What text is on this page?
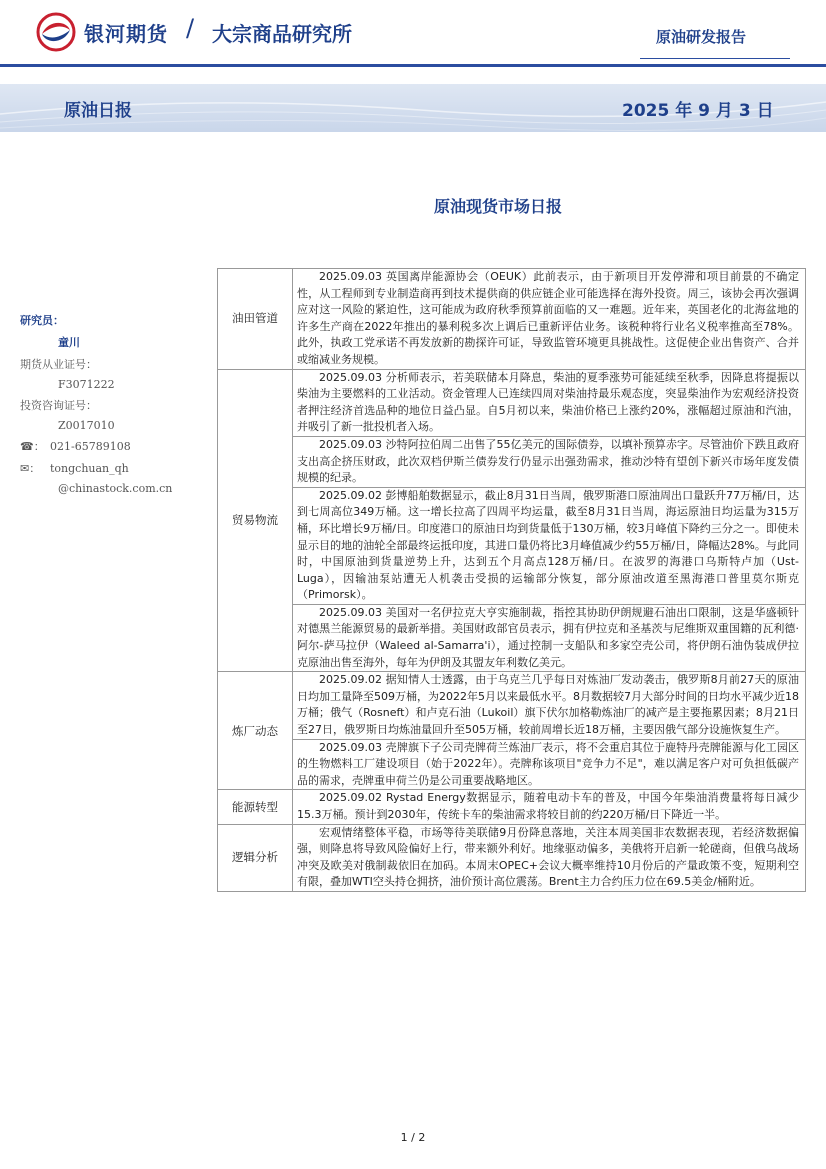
银河期货 / 大宗商品研究所	原油研发报告
原油日报	2025 年 9 月 3 日
原油现货市场日报
研究员：
童川
期货从业证号：
F3071222
投资咨询证号：
Z0017010
☎： 021-65789108
✉： tongchuan_qh
@chinastock.com.cn
油田管道	2025.09.03 英国离岸能源协会（OEUK）此前表示，由于新项目开发停滞和项目前景的不确定性，从工程师到专业制造商再到技术提供商的供应链企业可能选择在海外投资。周三，该协会再次强调应对这一风险的紧迫性，这可能成为政府秋季预算前面临的又一难题。近年来，英国老化的北海盆地的许多生产商在2022年推出的暴利税多次上调后已重新评估业务。该税种将行业名义税率推高至78%。此外，执政工党承诺不再发放新的勘探许可证，导致监管环境更具挑战性。这促使企业出售资产、合并或缩减业务规模。

贸易物流	2025.09.03 分析师表示，若美联储本月降息，柴油的夏季涨势可能延续至秋季，因降息将提振以柴油为主要燃料的工业活动。资金管理人已连续四周对柴油持最乐观态度，突显柴油作为宏观经济投资者押注经济首选品种的地位日益凸显。自5月初以来，柴油价格已上涨约20%，涨幅超过原油和汽油，并吸引了新一批投机者入场。

	2025.09.03 沙特阿拉伯周二出售了55亿美元的国际债券，以填补预算赤字。尽管油价下跌且政府支出高企挤压财政，此次双档伊斯兰债券发行仍显示出强劲需求，推动沙特有望创下新兴市场年度发债规模的纪录。

	2025.09.02 彭博船舶数据显示，截止8月31日当周，俄罗斯港口原油周出口量跃升77万桶/日，达到七周高位349万桶。这一增长拉高了四周平均运量，截至8月31日当周，海运原油日均运量为315万桶，环比增长9万桶/日。印度港口的原油日均到货量低于130万桶，较3月峰值下降约三分之一。即使未显示目的地的油轮全部最终运抵印度，其进口量仍将比3月峰值减少约55万桶/日，降幅达28%。与此同时，中国原油到货量逆势上升，达到五个月高点128万桶/日。在波罗的海港口乌斯特卢加（Ust-Luga），因输油泵站遭无人机袭击受损的运输部分恢复，部分原油改道至黑海港口普里莫尔斯克（Primorsk）。

	2025.09.03 美国对一名伊拉克大亨实施制裁，指控其协助伊朗规避石油出口限制，这是华盛顿针对德黑兰能源贸易的最新举措。美国财政部官员表示，拥有伊拉克和圣基茨与尼维斯双重国籍的瓦利德·阿尔-萨马拉伊（Waleed al-Samarra'i），通过控制一支船队和多家空壳公司，将伊朗石油伪装成伊拉克原油出售至海外，每年为伊朗及其盟友年利数亿美元。

炼厂动态	2025.09.02 据知情人士透露，由于乌克兰几乎每日对炼油厂发动袭击，俄罗斯8月前27天的原油日均加工量降至509万桶，为2022年5月以来最低水平。8月数据较7月大部分时间的日均水平减少近18万桶；俄气（Rosneft）和卢克石油（Lukoil）旗下伏尔加格勒炼油厂的减产是主要拖累因素；8月21日至27日，俄罗斯日均炼油量回升至505万桶，较前周增长近18万桶，主要因俄气部分设施恢复生产。

	2025.09.03 壳牌旗下子公司壳牌荷兰炼油厂表示，将不会重启其位于鹿特丹壳牌能源与化工园区的生物燃料工厂建设项目（始于2022年）。壳牌称该项目"竞争力不足"，难以满足客户对可负担低碳产品的需求，壳牌重申荷兰仍是公司重要战略地区。

能源转型	2025.09.02 Rystad Energy数据显示，随着电动卡车的普及，中国今年柴油消费量将每日减少15.3万桶。预计到2030年，传统卡车的柴油需求将较目前的约220万桶/日下降近一半。

逻辑分析	宏观情绪整体平稳，市场等待美联储9月份降息落地，关注本周美国非农数据表现，若经济数据偏强，则降息将导致风险偏好上行，带来额外利好。地缘驱动偏多，美俄将开启新一轮磋商，但俄乌战场冲突及欧美对俄制裁依旧在加码。本周末OPEC+会议大概率维持10月份后的产量政策不变，短期利空有限，叠加WTI空头持仓拥挤，油价预计高位震荡。Brent主力合约压力位在69.5美金/桶附近。
1 / 2
